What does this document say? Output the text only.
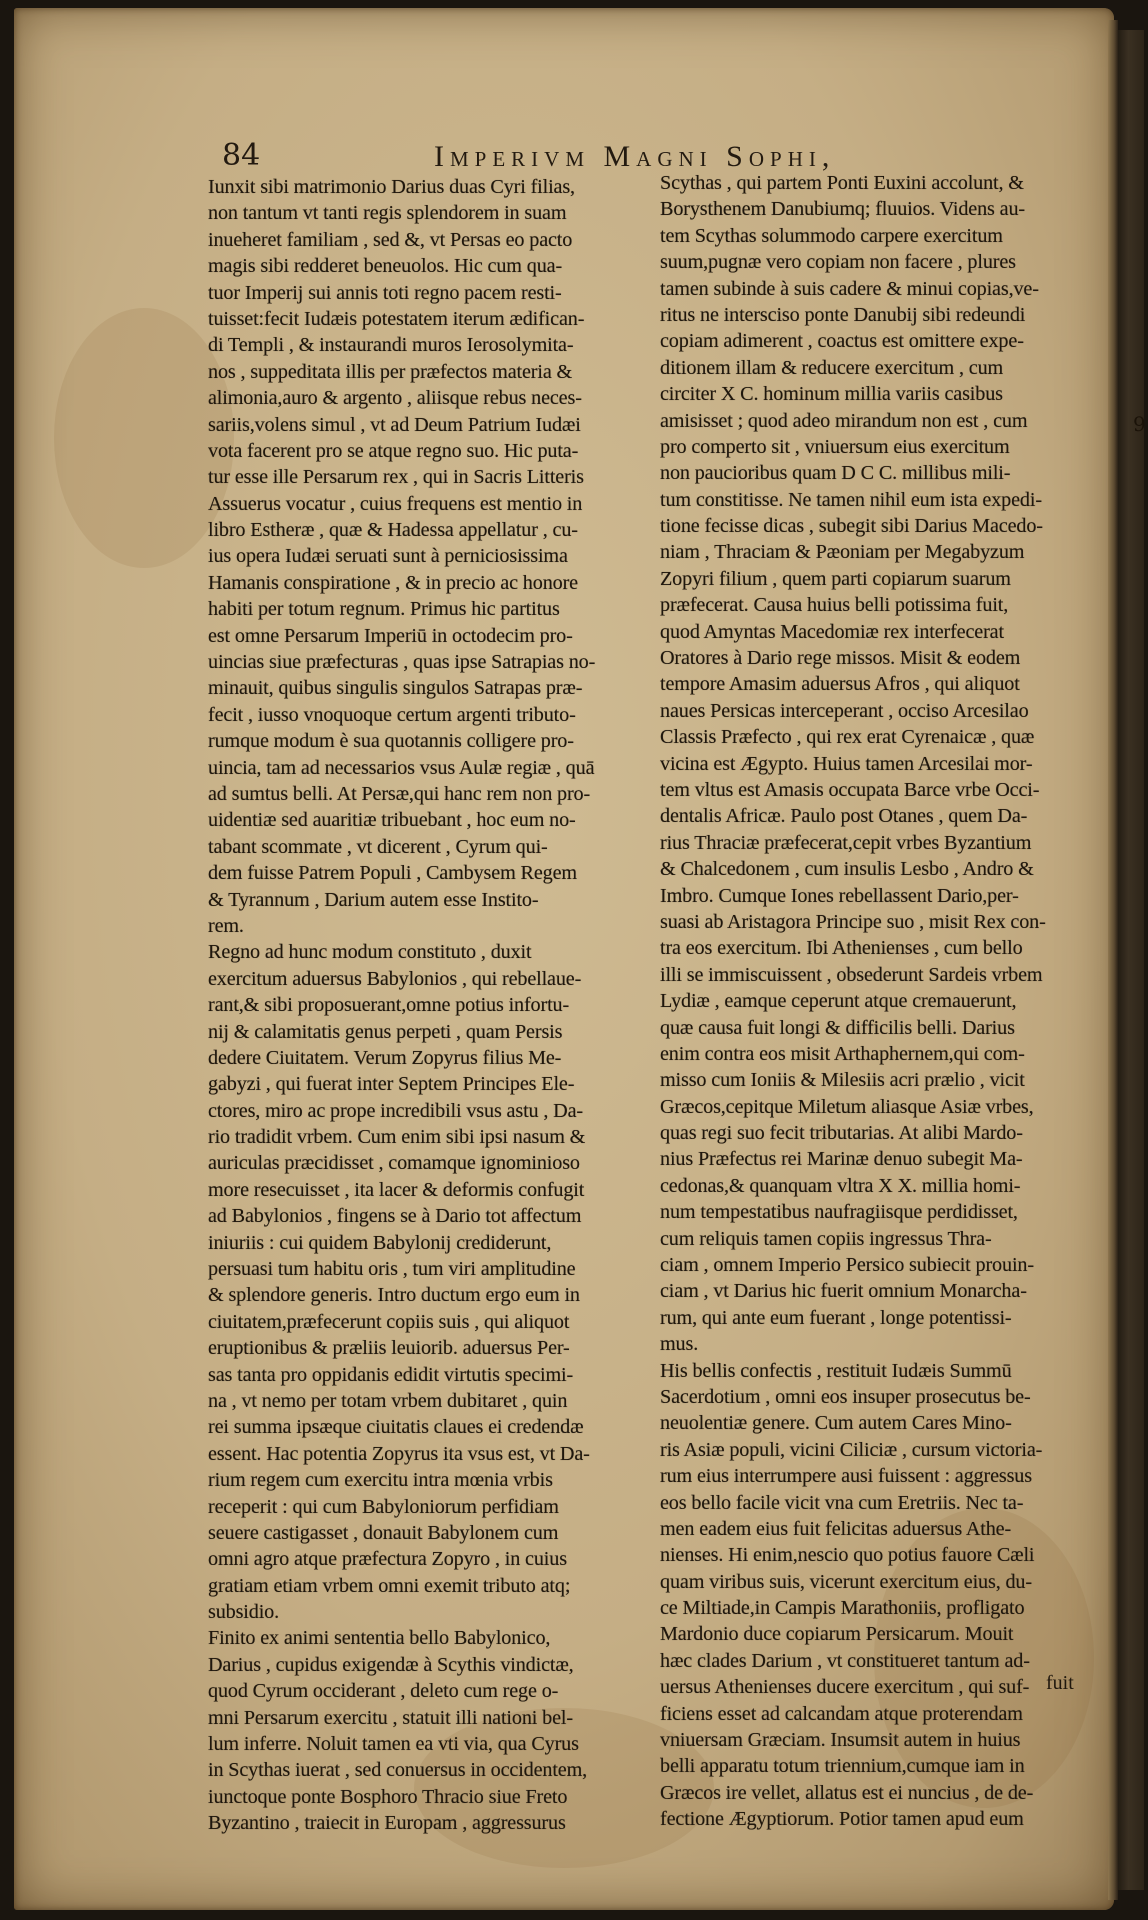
9
84	Imperivm Magni Sophi,
Iunxit sibi matrimonio Darius duas Cyri filias,
non tantum vt tanti regis splendorem in suam
inueheret familiam , sed &, vt Persas eo pacto
magis sibi redderet beneuolos. Hic cum qua-
tuor Imperij sui annis toti regno pacem resti-
tuisset:fecit Iudæis potestatem iterum ædifican-
di Templi , & instaurandi muros Ierosolymita-
nos , suppeditata illis per præfectos materia &
alimonia,auro & argento , aliisque rebus neces-
sariis,volens simul , vt ad Deum Patrium Iudæi
vota facerent pro se atque regno suo. Hic puta-
tur esse ille Persarum rex , qui in Sacris Litteris
Assuerus vocatur , cuius frequens est mentio in
libro Estheræ , quæ & Hadessa appellatur , cu-
ius opera Iudæi seruati sunt à perniciosissima
Hamanis conspiratione , & in precio ac honore
habiti per totum regnum. Primus hic partitus
est omne Persarum Imperiū in octodecim pro-
uincias siue præfecturas , quas ipse Satrapias no-
minauit, quibus singulis singulos Satrapas præ-
fecit , iusso vnoquoque certum argenti tributo-
rumque modum è sua quotannis colligere pro-
uincia, tam ad necessarios vsus Aulæ regiæ , quā
ad sumtus belli. At Persæ,qui hanc rem non pro-
uidentiæ sed auaritiæ tribuebant , hoc eum no-
tabant scommate , vt dicerent , Cyrum qui-
dem fuisse Patrem Populi , Cambysem Regem
& Tyrannum , Darium autem esse Instito-
rem.
Regno ad hunc modum constituto , duxit
exercitum aduersus Babylonios , qui rebellaue-
rant,& sibi proposuerant,omne potius infortu-
nij & calamitatis genus perpeti , quam Persis
dedere Ciuitatem. Verum Zopyrus filius Me-
gabyzi , qui fuerat inter Septem Principes Ele-
ctores, miro ac prope incredibili vsus astu , Da-
rio tradidit vrbem. Cum enim sibi ipsi nasum &
auriculas præcidisset , comamque ignominioso
more resecuisset , ita lacer & deformis confugit
ad Babylonios , fingens se à Dario tot affectum
iniuriis : cui quidem Babylonij crediderunt,
persuasi tum habitu oris , tum viri amplitudine
& splendore generis. Intro ductum ergo eum in
ciuitatem,præfecerunt copiis suis , qui aliquot
eruptionibus & præliis leuiorib. aduersus Per-
sas tanta pro oppidanis edidit virtutis specimi-
na , vt nemo per totam vrbem dubitaret , quin
rei summa ipsæque ciuitatis claues ei credendæ
essent. Hac potentia Zopyrus ita vsus est, vt Da-
rium regem cum exercitu intra mœnia vrbis
receperit : qui cum Babyloniorum perfidiam
seuere castigasset , donauit Babylonem cum
omni agro atque præfectura Zopyro , in cuius
gratiam etiam vrbem omni exemit tributo atq;
subsidio.
Finito ex animi sententia bello Babylonico,
Darius , cupidus exigendæ à Scythis vindictæ,
quod Cyrum occiderant , deleto cum rege o-
mni Persarum exercitu , statuit illi nationi bel-
lum inferre. Noluit tamen ea vti via, qua Cyrus
in Scythas iuerat , sed conuersus in occidentem,
iunctoque ponte Bosphoro Thracio siue Freto
Byzantino , traiecit in Europam , aggressurus
Scythas , qui partem Ponti Euxini accolunt, &
Borysthenem Danubiumq; fluuios. Videns au-
tem Scythas solummodo carpere exercitum
suum,pugnæ vero copiam non facere , plures
tamen subinde à suis cadere & minui copias,ve-
ritus ne intersciso ponte Danubij sibi redeundi
copiam adimerent , coactus est omittere expe-
ditionem illam & reducere exercitum , cum
circiter X C. hominum millia variis casibus
amisisset ; quod adeo mirandum non est , cum
pro comperto sit , vniuersum eius exercitum
non paucioribus quam D C C. millibus mili-
tum constitisse. Ne tamen nihil eum ista expedi-
tione fecisse dicas , subegit sibi Darius Macedo-
niam , Thraciam & Pæoniam per Megabyzum
Zopyri filium , quem parti copiarum suarum
præfecerat. Causa huius belli potissima fuit,
quod Amyntas Macedomiæ rex interfecerat
Oratores à Dario rege missos. Misit & eodem
tempore Amasim aduersus Afros , qui aliquot
naues Persicas interceperant , occiso Arcesilao
Classis Præfecto , qui rex erat Cyrenaicæ , quæ
vicina est Ægypto. Huius tamen Arcesilai mor-
tem vltus est Amasis occupata Barce vrbe Occi-
dentalis Africæ. Paulo post Otanes , quem Da-
rius Thraciæ præfecerat,cepit vrbes Byzantium
& Chalcedonem , cum insulis Lesbo , Andro &
Imbro. Cumque Iones rebellassent Dario,per-
suasi ab Aristagora Principe suo , misit Rex con-
tra eos exercitum. Ibi Athenienses , cum bello
illi se immiscuissent , obsederunt Sardeis vrbem
Lydiæ , eamque ceperunt atque cremauerunt,
quæ causa fuit longi & difficilis belli. Darius
enim contra eos misit Arthaphernem,qui com-
misso cum Ioniis & Milesiis acri prælio , vicit
Græcos,cepitque Miletum aliasque Asiæ vrbes,
quas regi suo fecit tributarias. At alibi Mardo-
nius Præfectus rei Marinæ denuo subegit Ma-
cedonas,& quanquam vltra X X. millia homi-
num tempestatibus naufragiisque perdidisset,
cum reliquis tamen copiis ingressus Thra-
ciam , omnem Imperio Persico subiecit prouin-
ciam , vt Darius hic fuerit omnium Monarcha-
rum, qui ante eum fuerant , longe potentissi-
mus.
His bellis confectis , restituit Iudæis Summū
Sacerdotium , omni eos insuper prosecutus be-
neuolentiæ genere. Cum autem Cares Mino-
ris Asiæ populi, vicini Ciliciæ , cursum victoria-
rum eius interrumpere ausi fuissent : aggressus
eos bello facile vicit vna cum Eretriis. Nec ta-
men eadem eius fuit felicitas aduersus Athe-
nienses. Hi enim,nescio quo potius fauore Cæli
quam viribus suis, vicerunt exercitum eius, du-
ce Miltiade,in Campis Marathoniis, profligato
Mardonio duce copiarum Persicarum. Mouit
hæc clades Darium , vt constitueret tantum ad-
uersus Athenienses ducere exercitum , qui suf-
ficiens esset ad calcandam atque proterendam
vniuersam Græciam. Insumsit autem in huius
belli apparatu totum triennium,cumque iam in
Græcos ire vellet, allatus est ei nuncius , de de-
fectione Ægyptiorum. Potior tamen apud eum
fuit
